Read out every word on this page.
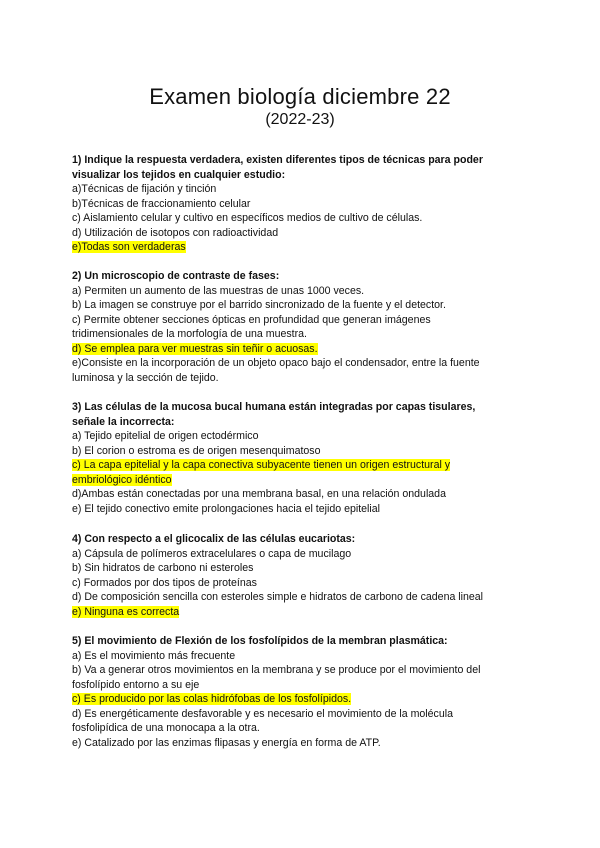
Examen biología diciembre 22
(2022-23)

1) Indique la respuesta verdadera, existen diferentes tipos de técnicas para poder

visualizar los tejidos en cualquier estudio:

a)Técnicas de fijación y tinción

b)Técnicas de fraccionamiento celular

c) Aislamiento celular y cultivo en específicos medios de cultivo de células.

d) Utilización de isotopos con radioactividad

e)Todas son verdaderas

2) Un microscopio de contraste de fases:

a) Permiten un aumento de las muestras de unas 1000 veces.

b) La imagen se construye por el barrido sincronizado de la fuente y el detector.

c) Permite obtener secciones ópticas en profundidad que generan imágenes

tridimensionales de la morfología de una muestra.

d) Se emplea para ver muestras sin teñir o acuosas.

e)Consiste en la incorporación de un objeto opaco bajo el condensador, entre la fuente

luminosa y la sección de tejido.

3) Las células de la mucosa bucal humana están integradas por capas tisulares,

señale la incorrecta:

a) Tejido epitelial de origen ectodérmico

b) El corion o estroma es de origen mesenquimatoso

c) La capa epitelial y la capa conectiva subyacente tienen un origen estructural y

embriológico idéntico

d)Ambas están conectadas por una membrana basal, en una relación ondulada

e) El tejido conectivo emite prolongaciones hacia el tejido epitelial

4) Con respecto a el glicocalix de las células eucariotas:

a) Cápsula de polímeros extracelulares o capa de mucilago

b) Sin hidratos de carbono ni esteroles

c) Formados por dos tipos de proteínas

d) De composición sencilla con esteroles simple e hidratos de carbono de cadena lineal

e) Ninguna es correcta

5) El movimiento de Flexión de los fosfolípidos de la membran plasmática:

a) Es el movimiento más frecuente

b) Va a generar otros movimientos en la membrana y se produce por el movimiento del

fosfolípido entorno a su eje

c) Es producido por las colas hidrófobas de los fosfolípidos.

d) Es energéticamente desfavorable y es necesario el movimiento de la molécula

fosfolipídica de una monocapa a la otra.

e) Catalizado por las enzimas flipasas y energía en forma de ATP.
